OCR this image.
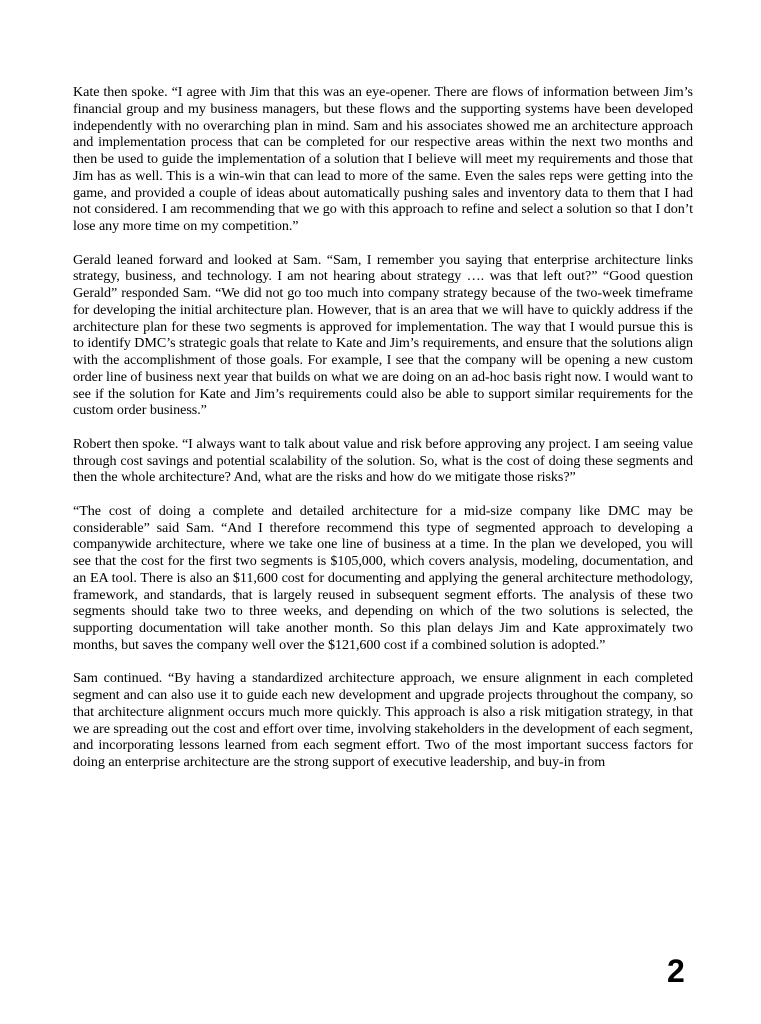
Kate then spoke. “I agree with Jim that this was an eye-opener. There are flows of information between Jim’s financial group and my business managers, but these flows and the supporting systems have been developed independently with no overarching plan in mind. Sam and his associates showed me an architecture approach and implementation process that can be completed for our respective areas within the next two months and then be used to guide the implementation of a solution that I believe will meet my requirements and those that Jim has as well. This is a win-win that can lead to more of the same. Even the sales reps were getting into the game, and provided a couple of ideas about automatically pushing sales and inventory data to them that I had not considered. I am recommending that we go with this approach to refine and select a solution so that I don’t lose any more time on my competition.”

Gerald leaned forward and looked at Sam. “Sam, I remember you saying that enterprise architecture links strategy, business, and technology. I am not hearing about strategy …. was that left out?” “Good question Gerald” responded Sam. “We did not go too much into company strategy because of the two-week timeframe for developing the initial architecture plan. However, that is an area that we will have to quickly address if the architecture plan for these two segments is approved for implementation. The way that I would pursue this is to identify DMC’s strategic goals that relate to Kate and Jim’s requirements, and ensure that the solutions align with the accomplishment of those goals. For example, I see that the company will be opening a new custom order line of business next year that builds on what we are doing on an ad-hoc basis right now. I would want to see if the solution for Kate and Jim’s requirements could also be able to support similar requirements for the custom order business.”

Robert then spoke. “I always want to talk about value and risk before approving any project. I am seeing value through cost savings and potential scalability of the solution. So, what is the cost of doing these segments and then the whole architecture? And, what are the risks and how do we mitigate those risks?”

“The cost of doing a complete and detailed architecture for a mid-size company like DMC may be considerable” said Sam. “And I therefore recommend this type of segmented approach to developing a companywide architecture, where we take one line of business at a time. In the plan we developed, you will see that the cost for the first two segments is $105,000, which covers analysis, modeling, documentation, and an EA tool. There is also an $11,600 cost for documenting and applying the general architecture methodology, framework, and standards, that is largely reused in subsequent segment efforts. The analysis of these two segments should take two to three weeks, and depending on which of the two solutions is selected, the supporting documentation will take another month. So this plan delays Jim and Kate approximately two months, but saves the company well over the $121,600 cost if a combined solution is adopted.”

Sam continued. “By having a standardized architecture approach, we ensure alignment in each completed segment and can also use it to guide each new development and upgrade projects throughout the company, so that architecture alignment occurs much more quickly. This approach is also a risk mitigation strategy, in that we are spreading out the cost and effort over time, involving stakeholders in the development of each segment, and incorporating lessons learned from each segment effort. Two of the most important success factors for doing an enterprise architecture are the strong support of executive leadership, and buy-in from

2
